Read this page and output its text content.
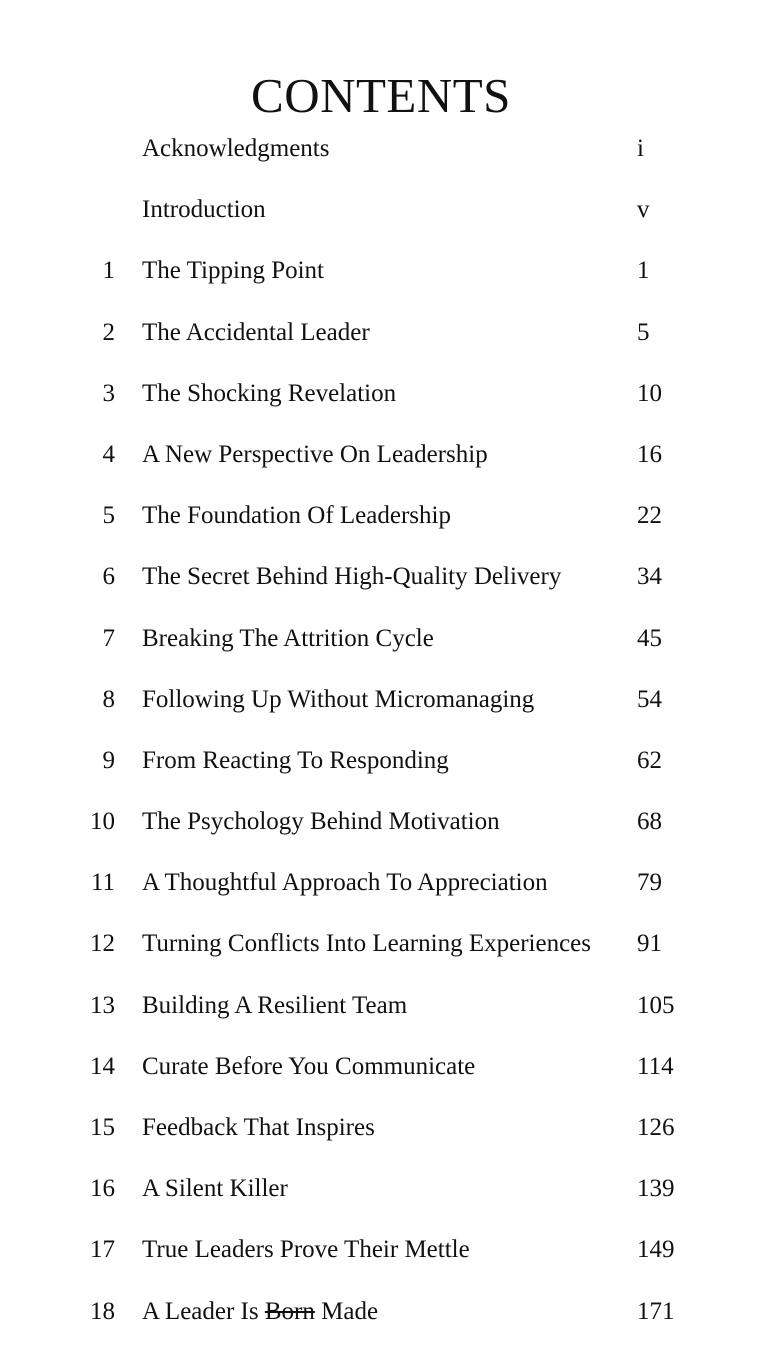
CONTENTS
Acknowledgments	i
Introduction	v
1 The Tipping Point	1
2 The Accidental Leader	5
3 The Shocking Revelation	10
4 A New Perspective On Leadership	16
5 The Foundation Of Leadership	22
6 The Secret Behind High-Quality Delivery	34
7 Breaking The Attrition Cycle	45
8 Following Up Without Micromanaging	54
9 From Reacting To Responding	62
10 The Psychology Behind Motivation	68
11 A Thoughtful Approach To Appreciation	79
12 Turning Conflicts Into Learning Experiences 91
13 Building A Resilient Team	105
14 Curate Before You Communicate	114
15 Feedback That Inspires	126
16 A Silent Killer	139
17 True Leaders Prove Their Mettle	149
18 A Leader Is Born Made	171
